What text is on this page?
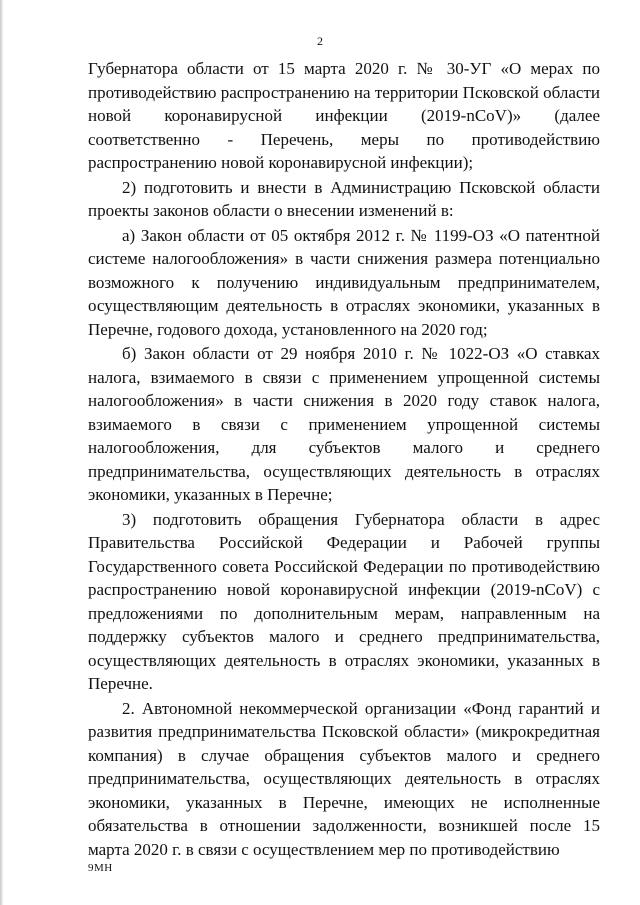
2

Губернатора области от 15 марта 2020 г. № 30-УГ «О мерах по противодействию распространению на территории Псковской области новой коронавирусной инфекции (2019-nCoV)» (далее соответственно - Перечень, меры по противодействию распространению новой коронавирусной инфекции);

2) подготовить и внести в Администрацию Псковской области проекты законов области о внесении изменений в:

а) Закон области от 05 октября 2012 г. № 1199-ОЗ «О патентной системе налогообложения» в части снижения размера потенциально возможного к получению индивидуальным предпринимателем, осуществляющим деятельность в отраслях экономики, указанных в Перечне, годового дохода, установленного на 2020 год;

б) Закон области от 29 ноября 2010 г. № 1022-ОЗ «О ставках налога, взимаемого в связи с применением упрощенной системы налогообложения» в части снижения в 2020 году ставок налога, взимаемого в связи с применением упрощенной системы налогообложения, для субъектов малого и среднего предпринимательства, осуществляющих деятельность в отраслях экономики, указанных в Перечне;

3) подготовить обращения Губернатора области в адрес Правительства Российской Федерации и Рабочей группы Государственного совета Российской Федерации по противодействию распространению новой коронавирусной инфекции (2019-nCoV) с предложениями по дополнительным мерам, направленным на поддержку субъектов малого и среднего предпринимательства, осуществляющих деятельность в отраслях экономики, указанных в Перечне.

2. Автономной некоммерческой организации «Фонд гарантий и развития предпринимательства Псковской области» (микрокредитная компания) в случае обращения субъектов малого и среднего предпринимательства, осуществляющих деятельность в отраслях экономики, указанных в Перечне, имеющих не исполненные обязательства в отношении задолженности, возникшей после 15 марта 2020 г. в связи с осуществлением мер по противодействию

9МН
